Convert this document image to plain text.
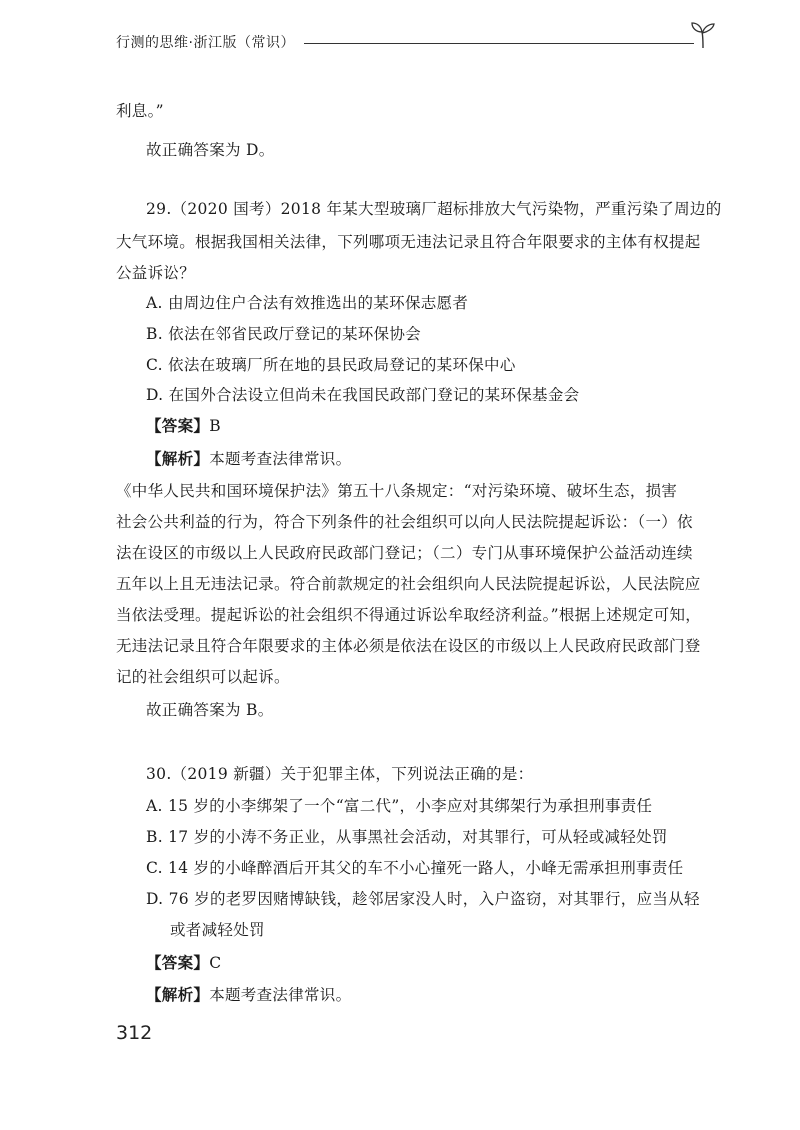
行测的思维·浙江版（常识）
利息。”
故正确答案为 D。
29.（2020 国考）2018 年某大型玻璃厂超标排放大气污染物，严重污染了周边的
大气环境。根据我国相关法律，下列哪项无违法记录且符合年限要求的主体有权提起
公益诉讼？
A. 由周边住户合法有效推选出的某环保志愿者
B. 依法在邻省民政厅登记的某环保协会
C. 依法在玻璃厂所在地的县民政局登记的某环保中心
D. 在国外合法设立但尚未在我国民政部门登记的某环保基金会
【答案】B
【解析】本题考查法律常识。
《中华人民共和国环境保护法》第五十八条规定：“对污染环境、破坏生态，损害
社会公共利益的行为，符合下列条件的社会组织可以向人民法院提起诉讼：（一）依
法在设区的市级以上人民政府民政部门登记；（二）专门从事环境保护公益活动连续
五年以上且无违法记录。符合前款规定的社会组织向人民法院提起诉讼，人民法院应
当依法受理。提起诉讼的社会组织不得通过诉讼牟取经济利益。”根据上述规定可知，
无违法记录且符合年限要求的主体必须是依法在设区的市级以上人民政府民政部门登
记的社会组织可以起诉。
故正确答案为 B。
30.（2019 新疆）关于犯罪主体，下列说法正确的是：
A. 15 岁的小李绑架了一个“富二代”，小李应对其绑架行为承担刑事责任
B. 17 岁的小涛不务正业，从事黑社会活动，对其罪行，可从轻或减轻处罚
C. 14 岁的小峰醉酒后开其父的车不小心撞死一路人，小峰无需承担刑事责任
D. 76 岁的老罗因赌博缺钱，趁邻居家没人时，入户盗窃，对其罪行，应当从轻
或者减轻处罚
【答案】C
【解析】本题考查法律常识。
312
